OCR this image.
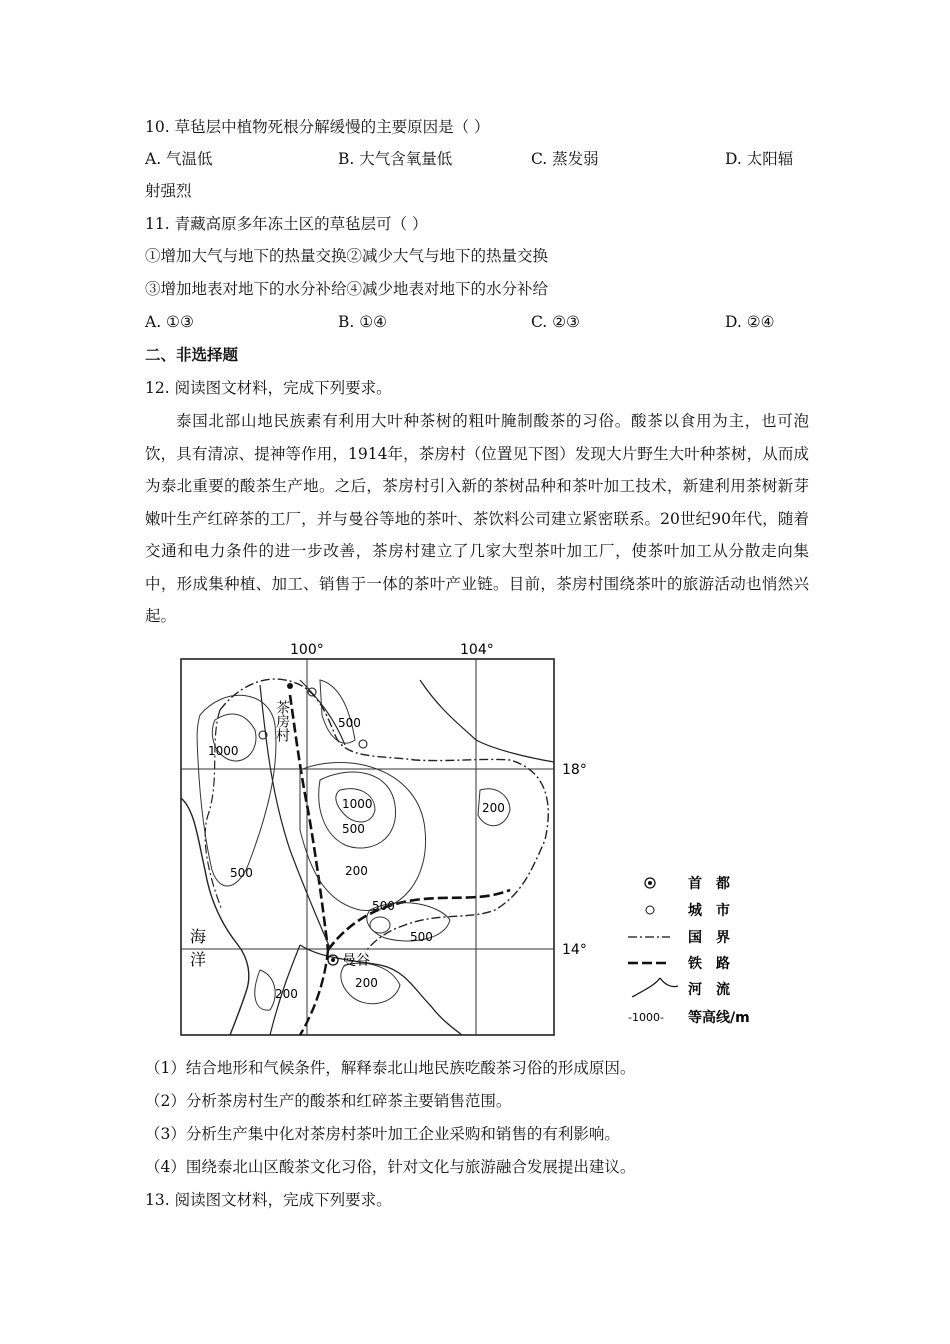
10. 草毡层中植物死根分解缓慢的主要原因是（ ）
A. 气温低	B. 大气含氧量低	C. 蒸发弱	D. 太阳辐
射强烈
11. 青藏高原多年冻土区的草毡层可（ ）
①增加大气与地下的热量交换②减少大气与地下的热量交换
③增加地表对地下的水分补给④减少地表对地下的水分补给
A. ①③	B. ①④	C. ②③	D. ②④
二、非选择题
12. 阅读图文材料，完成下列要求。
泰国北部山地民族素有利用大叶种茶树的粗叶腌制酸茶的习俗。酸茶以食用为主，也可泡饮，具有清凉、提神等作用，1914年，茶房村（位置见下图）发现大片野生大叶种茶树，从而成为泰北重要的酸茶生产地。之后，茶房村引入新的茶树品种和茶叶加工技术，新建利用茶树新芽嫩叶生产红碎茶的工厂，并与曼谷等地的茶叶、茶饮料公司建立紧密联系。20世纪90年代，随着交通和电力条件的进一步改善，茶房村建立了几家大型茶叶加工厂，使茶叶加工从分散走向集中，形成集种植、加工、销售于一体的茶叶产业链。目前，茶房村围绕茶叶的旅游活动也悄然兴起。
100°	104°
18°
14°
茶房村
曼谷
海
洋
1000
500
1000
500
200
500
500
500
200
200
200
首　都
城　市
国　界
铁　路
河　流
-1000- 等高线/m
（1）结合地形和气候条件，解释泰北山地民族吃酸茶习俗的形成原因。
（2）分析茶房村生产的酸茶和红碎茶主要销售范围。
（3）分析生产集中化对茶房村茶叶加工企业采购和销售的有利影响。
（4）围绕泰北山区酸茶文化习俗，针对文化与旅游融合发展提出建议。
13. 阅读图文材料，完成下列要求。
